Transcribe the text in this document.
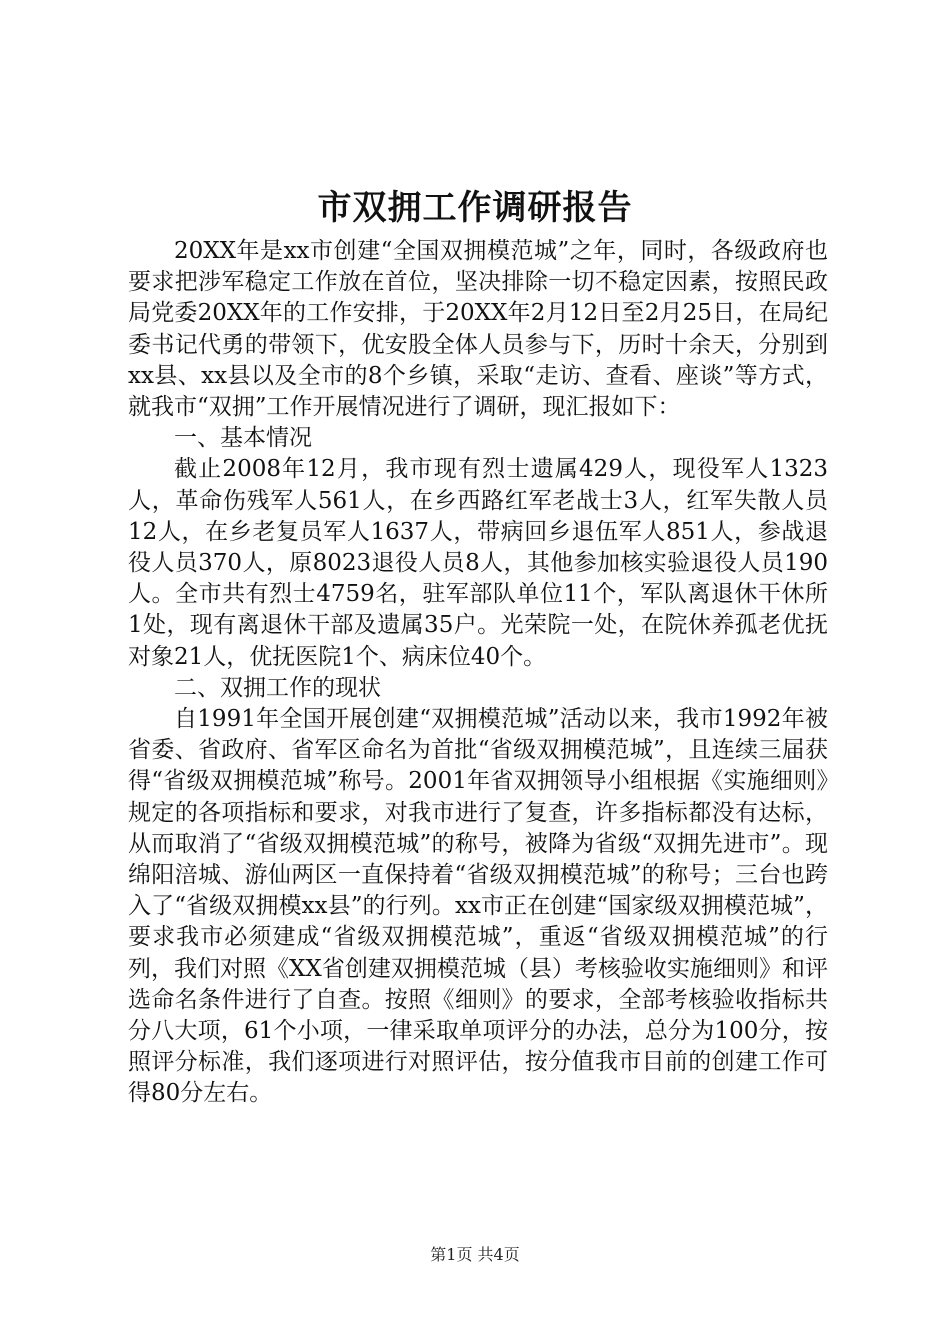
市双拥工作调研报告

20XX年是xx市创建“全国双拥模范城”之年，同时，各级政府也要求把涉军稳定工作放在首位，坚决排除一切不稳定因素，按照民政局党委20XX年的工作安排，于20XX年2月12日至2月25日，在局纪委书记代勇的带领下，优安股全体人员参与下，历时十余天，分别到xx县、xx县以及全市的8个乡镇，采取“走访、查看、座谈”等方式，就我市“双拥”工作开展情况进行了调研，现汇报如下：

一、基本情况

截止2008年12月，我市现有烈士遗属429人，现役军人1323人，革命伤残军人561人，在乡西路红军老战士3人，红军失散人员12人，在乡老复员军人1637人，带病回乡退伍军人851人，参战退役人员370人，原8023退役人员8人，其他参加核实验退役人员190人。全市共有烈士4759名，驻军部队单位11个，军队离退休干休所1处，现有离退休干部及遗属35户。光荣院一处，在院休养孤老优抚对象21人，优抚医院1个、病床位40个。

二、双拥工作的现状

自1991年全国开展创建“双拥模范城”活动以来，我市1992年被省委、省政府、省军区命名为首批“省级双拥模范城”，且连续三届获得“省级双拥模范城”称号。2001年省双拥领导小组根据《实施细则》规定的各项指标和要求，对我市进行了复查，许多指标都没有达标，从而取消了“省级双拥模范城”的称号，被降为省级“双拥先进市”。现绵阳涪城、游仙两区一直保持着“省级双拥模范城”的称号；三台也跨入了“省级双拥模xx县”的行列。xx市正在创建“国家级双拥模范城”，要求我市必须建成“省级双拥模范城”，重返“省级双拥模范城”的行列，我们对照《XX省创建双拥模范城（县）考核验收实施细则》和评选命名条件进行了自查。按照《细则》的要求，全部考核验收指标共分八大项，61个小项，一律采取单项评分的办法，总分为100分，按照评分标准，我们逐项进行对照评估，按分值我市目前的创建工作可得80分左右。

第1页 共4页
